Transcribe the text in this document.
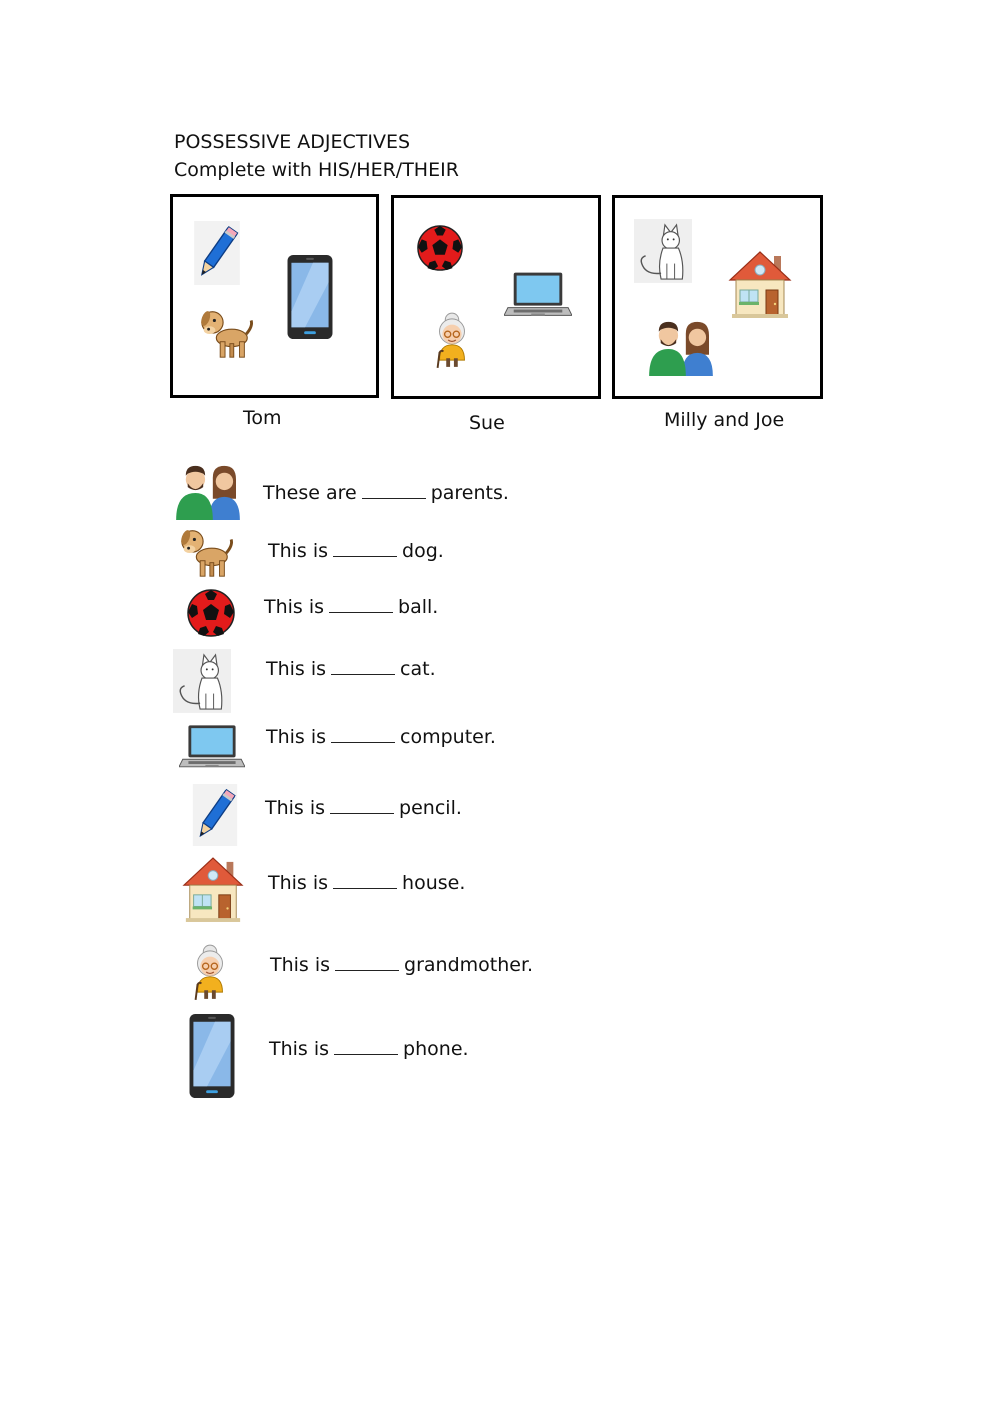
POSSESSIVE ADJECTIVES
Complete with HIS/HER/THEIR
Tom	Sue	Milly and Joe
These are	parents.
This is	dog.
This is	ball.
This is	cat.
This is	computer.
This is	pencil.
This is	house.
This is	grandmother.
This is	phone.
